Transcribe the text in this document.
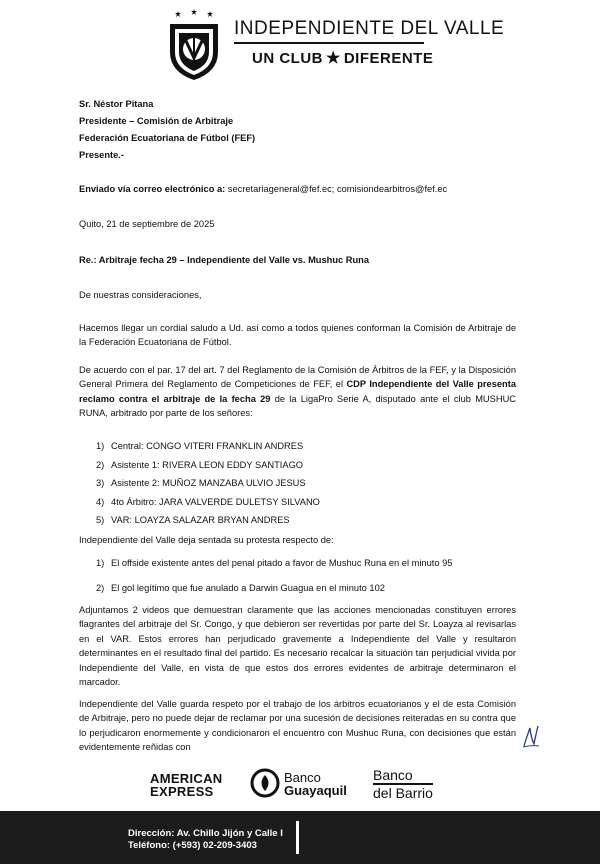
INDEPENDIENTE DEL VALLE
UN CLUB ★ DIFERENTE
Sr. Néstor Pitana
Presidente – Comisión de Arbitraje
Federación Ecuatoriana de Fútbol (FEF)
Presente.-
Enviado vía correo electrónico a: secretariageneral@fef.ec; comisiondearbitros@fef.ec
Quito, 21 de septiembre de 2025
Re.: Arbitraje fecha 29 – Independiente del Valle vs. Mushuc Runa
De nuestras consideraciones,
Hacemos llegar un cordial saludo a Ud. así como a todos quienes conforman la Comisión de Arbitraje de la Federación Ecuatoriana de Fútbol.
De acuerdo con el par. 17 del art. 7 del Reglamento de la Comisión de Árbitros de la FEF, y la Disposición General Primera del Reglamento de Competiciones de FEF, el CDP Independiente del Valle presenta reclamo contra el arbitraje de la fecha 29 de la LigaPro Serie A, disputado ante el club MUSHUC RUNA, arbitrado por parte de los señores:
1) Central: CONGO VITERI FRANKLIN ANDRES
2) Asistente 1: RIVERA LEON EDDY SANTIAGO
3) Asistente 2: MUÑOZ MANZABA ULVIO JESUS
4) 4to Árbitro: JARA VALVERDE DULETSY SILVANO
5) VAR: LOAYZA SALAZAR BRYAN ANDRES
Independiente del Valle deja sentada su protesta respecto de:
1) El offside existente antes del penal pitado a favor de Mushuc Runa en el minuto 95
2) El gol legítimo que fue anulado a Darwin Guagua en el minuto 102
Adjuntamos 2 videos que demuestran claramente que las acciones mencionadas constituyen errores flagrantes del arbitraje del Sr. Congo, y que debieron ser revertidas por parte del Sr. Loayza al revisarlas en el VAR. Estos errores han perjudicado gravemente a Independiente del Valle y resultaron determinantes en el resultado final del partido. Es necesario recalcar la situación tan perjudicial vivida por Independiente del Valle, en vista de que estos dos errores evidentes de arbitraje determinaron el marcador.
Independiente del Valle guarda respeto por el trabajo de los árbitros ecuatorianos y el de esta Comisión de Arbitraje, pero no puede dejar de reclamar por una sucesión de decisiones reiteradas en su contra que lo perjudicaron enormemente y condicionaron el encuentro con Mushuc Runa, con decisiones que están evidentemente reñidas con
AMERICAN
EXPRESS
Banco
Guayaquil
Banco
del Barrio
Dirección: Av. Chillo Jijón y Calle I
Teléfono: (+593) 02-209-3403
